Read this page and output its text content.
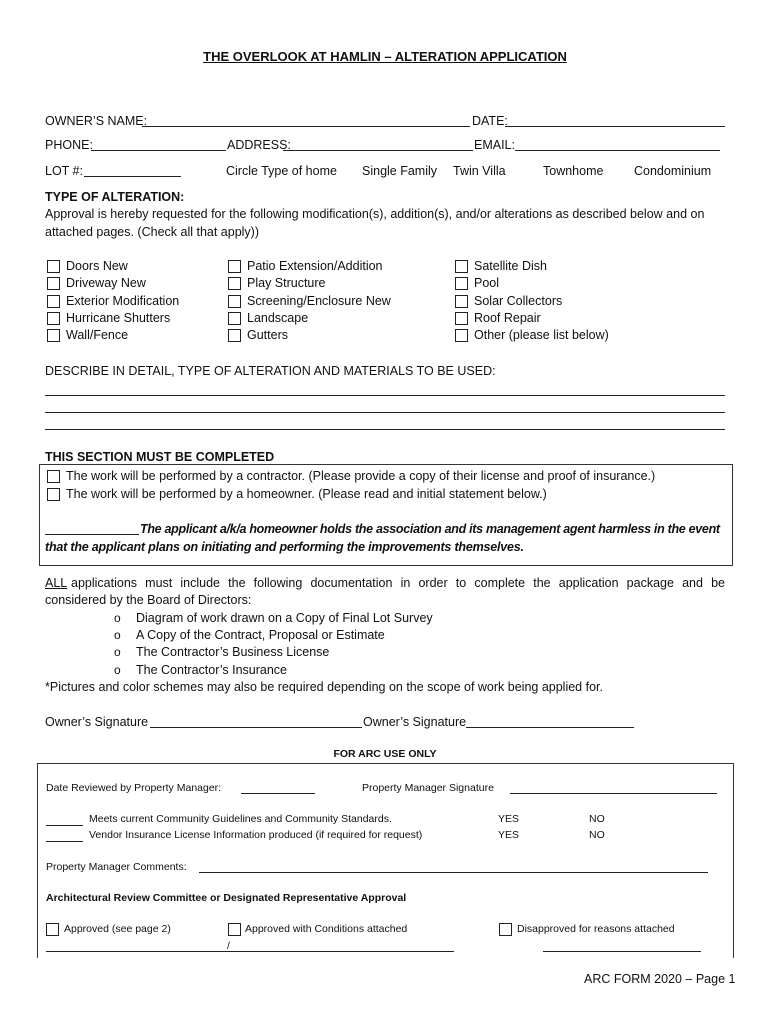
THE OVERLOOK AT HAMLIN – ALTERATION APPLICATION
OWNER’S NAME:	DATE:
PHONE:	ADDRESS:	EMAIL:
LOT #:	Circle Type of home Single Family Twin Villa	Townhome Condominium
TYPE OF ALTERATION:
Approval is hereby requested for the following modification(s), addition(s), and/or alterations as described below and on
attached pages. (Check all that apply))
Doors New
Driveway New
Exterior Modification
Hurricane Shutters
Wall/Fence
Patio Extension/Addition
Play Structure
Screening/Enclosure New
Landscape
Gutters
Satellite Dish
Pool
Solar Collectors
Roof Repair
Other (please list below)
DESCRIBE IN DETAIL, TYPE OF ALTERATION AND MATERIALS TO BE USED:
THIS SECTION MUST BE COMPLETED
The work will be performed by a contractor. (Please provide a copy of their license and proof of insurance.)
The work will be performed by a homeowner. (Please read and initial statement below.)
The applicant a/k/a homeowner holds the association and its management agent harmless in the event
that the applicant plans on initiating and performing the improvements themselves.
ALL applications must include the following documentation in order to complete the application package and be
considered by the Board of Directors:
o Diagram of work drawn on a Copy of Final Lot Survey
o A Copy of the Contract, Proposal or Estimate
o The Contractor’s Business License
o The Contractor’s Insurance
*Pictures and color schemes may also be required depending on the scope of work being applied for.
Owner’s Signature	Owner’s Signature
FOR ARC USE ONLY
Date Reviewed by Property Manager:	Property Manager Signature
Meets current Community Guidelines and Community Standards.	YES	NO
Vendor Insurance License Information produced (if required for request)	YES	NO
Property Manager Comments:
Architectural Review Committee or Designated Representative Approval
Approved (see page 2)	Approved with Conditions attached	Disapproved for reasons attached
/
ARC FORM 2020 – Page 1
